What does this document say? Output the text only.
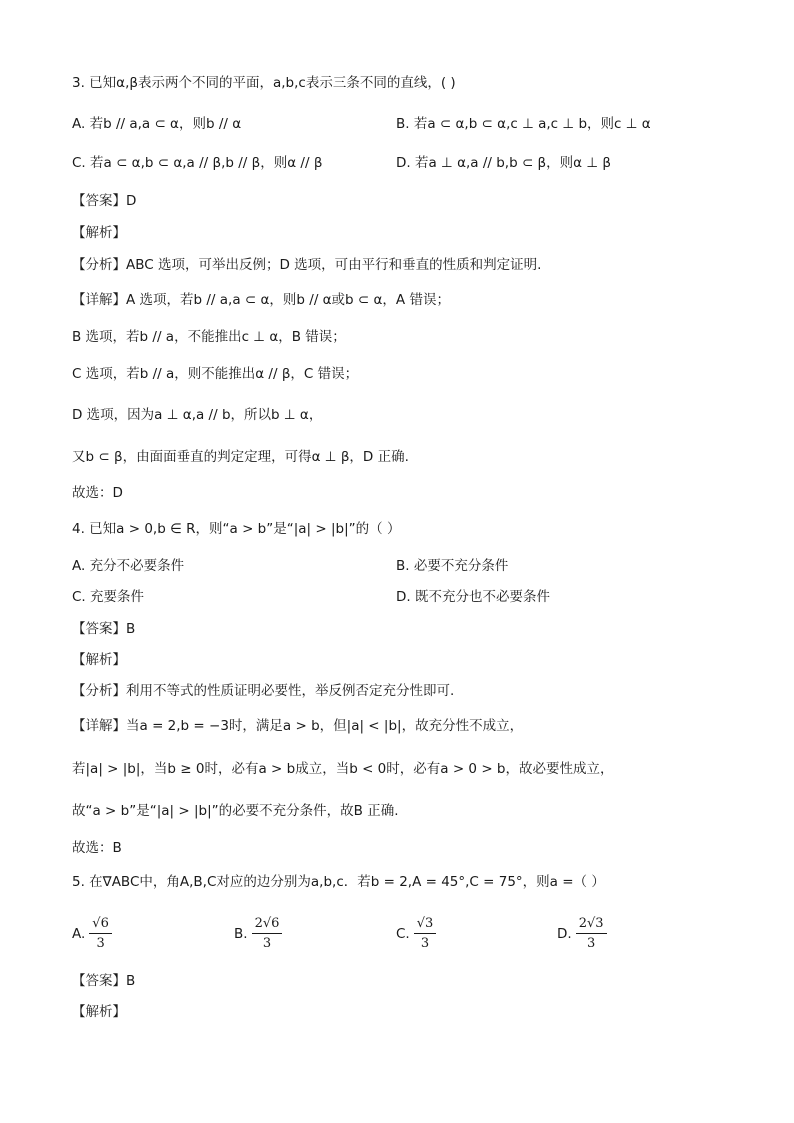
3. 已知α,β表示两个不同的平面，a,b,c表示三条不同的直线，( )
A. 若b // a,a ⊂ α，则b // α	B. 若a ⊂ α,b ⊂ α,c ⊥ a,c ⊥ b，则c ⊥ α
C. 若a ⊂ α,b ⊂ α,a // β,b // β，则α // β	D. 若a ⊥ α,a // b,b ⊂ β，则α ⊥ β
【答案】D
【解析】
【分析】ABC 选项，可举出反例；D 选项，可由平行和垂直的性质和判定证明.
【详解】A 选项，若b // a,a ⊂ α，则b // α或b ⊂ α，A 错误；
B 选项，若b // a，不能推出c ⊥ α，B 错误；
C 选项，若b // a，则不能推出α // β，C 错误；
D 选项，因为a ⊥ α,a // b，所以b ⊥ α，
又b ⊂ β，由面面垂直的判定定理，可得α ⊥ β，D 正确.
故选：D
4. 已知a > 0,b ∈ R，则“a > b”是“|a| > |b|”的（ ）
A. 充分不必要条件	B. 必要不充分条件
C. 充要条件	D. 既不充分也不必要条件
【答案】B
【解析】
【分析】利用不等式的性质证明必要性，举反例否定充分性即可.
【详解】当a = 2,b = −3时，满足a > b，但|a| < |b|，故充分性不成立，
若|a| > |b|，当b ≥ 0时，必有a > b成立，当b < 0时，必有a > 0 > b，故必要性成立，
故“a > b”是“|a| > |b|”的必要不充分条件，故B 正确.
故选：B
5. 在∇ABC中，角A,B,C对应的边分别为a,b,c．若b = 2,A = 45°,C = 75°，则a =（ ）
A. $\frac{√6}{3}$	B. $\frac{2√6}{3}$	C. $\frac{√3}{3}$	D. $\frac{2√3}{3}$
【答案】B
【解析】
